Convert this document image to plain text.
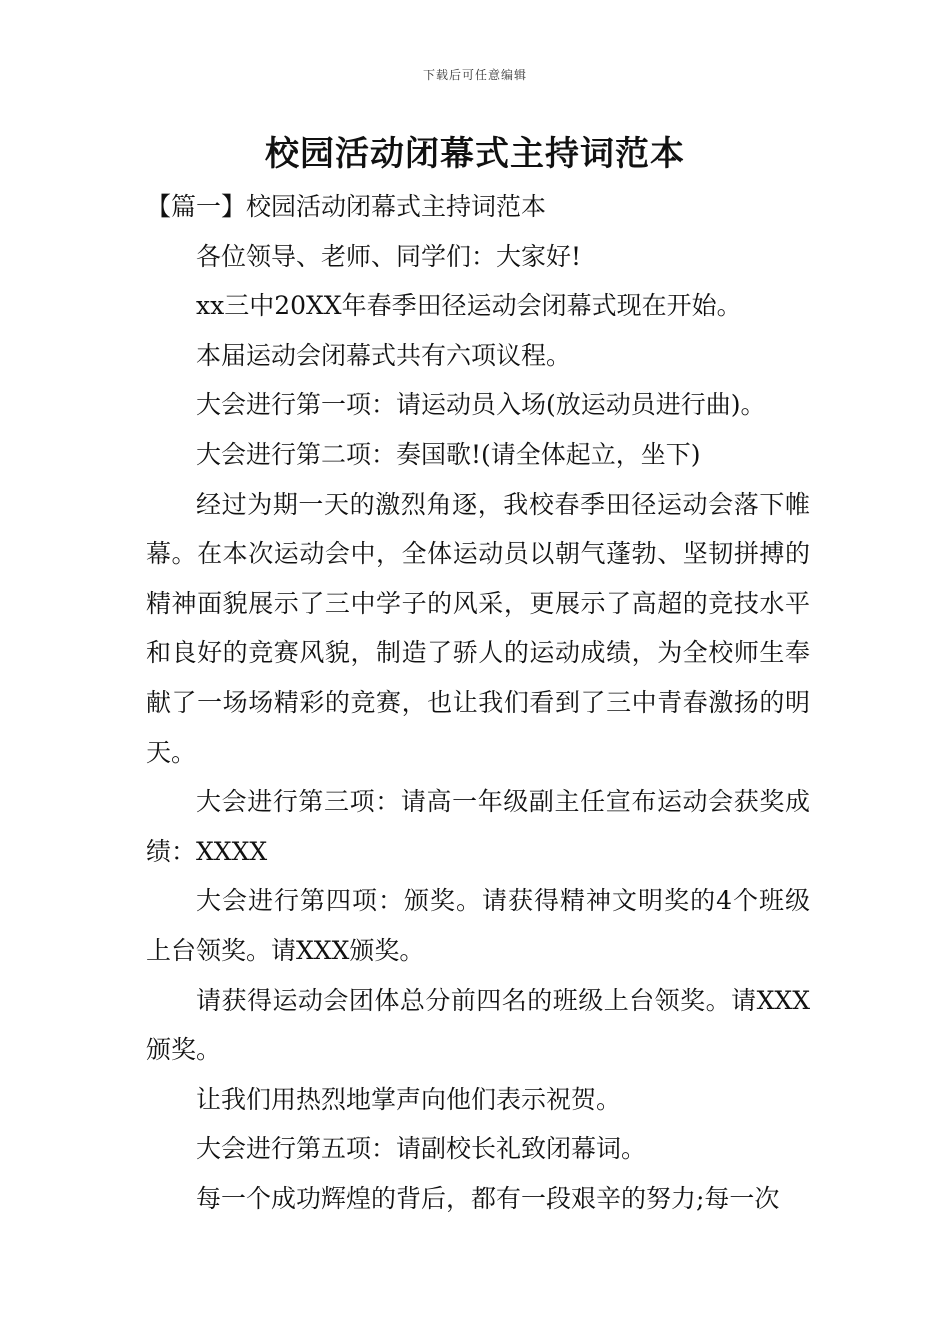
下载后可任意编辑
校园活动闭幕式主持词范本

【篇一】校园活动闭幕式主持词范本

各位领导、老师、同学们：大家好!

xx三中20XX年春季田径运动会闭幕式现在开始。

本届运动会闭幕式共有六项议程。

大会进行第一项：请运动员入场(放运动员进行曲)。

大会进行第二项：奏国歌!(请全体起立，坐下)

经过为期一天的激烈角逐，我校春季田径运动会落下帷幕。在本次运动会中，全体运动员以朝气蓬勃、坚韧拼搏的精神面貌展示了三中学子的风采，更展示了高超的竞技水平和良好的竞赛风貌，制造了骄人的运动成绩，为全校师生奉献了一场场精彩的竞赛，也让我们看到了三中青春激扬的明天。

大会进行第三项：请高一年级副主任宣布运动会获奖成绩：XXXX

大会进行第四项：颁奖。请获得精神文明奖的4个班级上台领奖。请XXX颁奖。

请获得运动会团体总分前四名的班级上台领奖。请XXX颁奖。

让我们用热烈地掌声向他们表示祝贺。

大会进行第五项：请副校长礼致闭幕词。

每一个成功辉煌的背后，都有一段艰辛的努力;每一次
